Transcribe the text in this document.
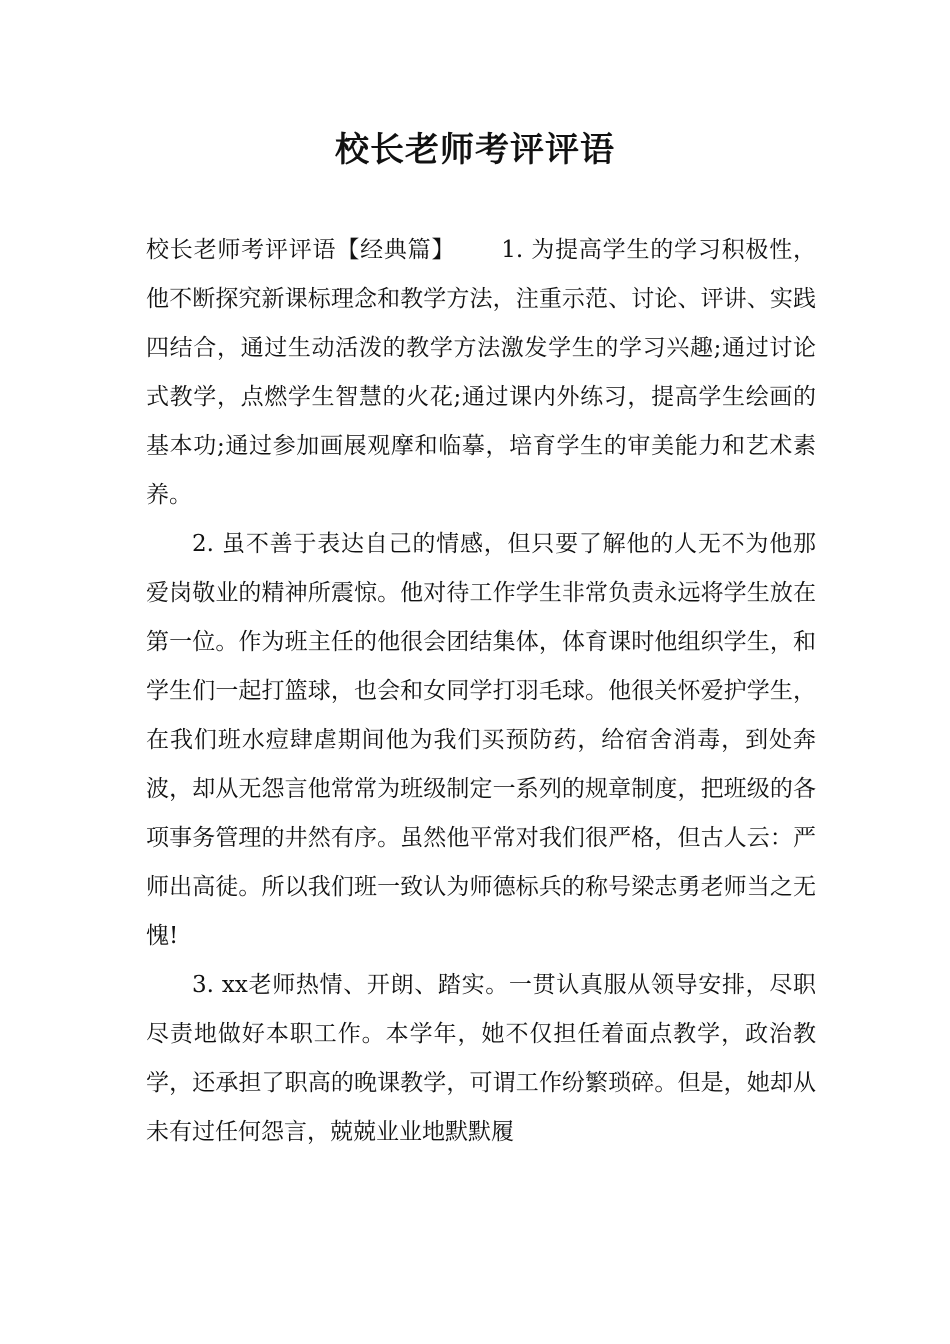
校长老师考评评语

校长老师考评评语【经典篇】 1. 为提高学生的学习积极性，他不断探究新课标理念和教学方法，注重示范、讨论、评讲、实践四结合，通过生动活泼的教学方法激发学生的学习兴趣;通过讨论式教学，点燃学生智慧的火花;通过课内外练习，提高学生绘画的基本功;通过参加画展观摩和临摹，培育学生的审美能力和艺术素养。

2. 虽不善于表达自己的情感，但只要了解他的人无不为他那爱岗敬业的精神所震惊。他对待工作学生非常负责永远将学生放在第一位。作为班主任的他很会团结集体，体育课时他组织学生，和学生们一起打篮球，也会和女同学打羽毛球。他很关怀爱护学生，在我们班水痘肆虐期间他为我们买预防药，给宿舍消毒，到处奔波，却从无怨言他常常为班级制定一系列的规章制度，把班级的各项事务管理的井然有序。虽然他平常对我们很严格，但古人云：严师出高徒。所以我们班一致认为师德标兵的称号梁志勇老师当之无愧!

3. xx老师热情、开朗、踏实。一贯认真服从领导安排，尽职尽责地做好本职工作。本学年，她不仅担任着面点教学，政治教学，还承担了职高的晚课教学，可谓工作纷繁琐碎。但是，她却从未有过任何怨言，兢兢业业地默默履
